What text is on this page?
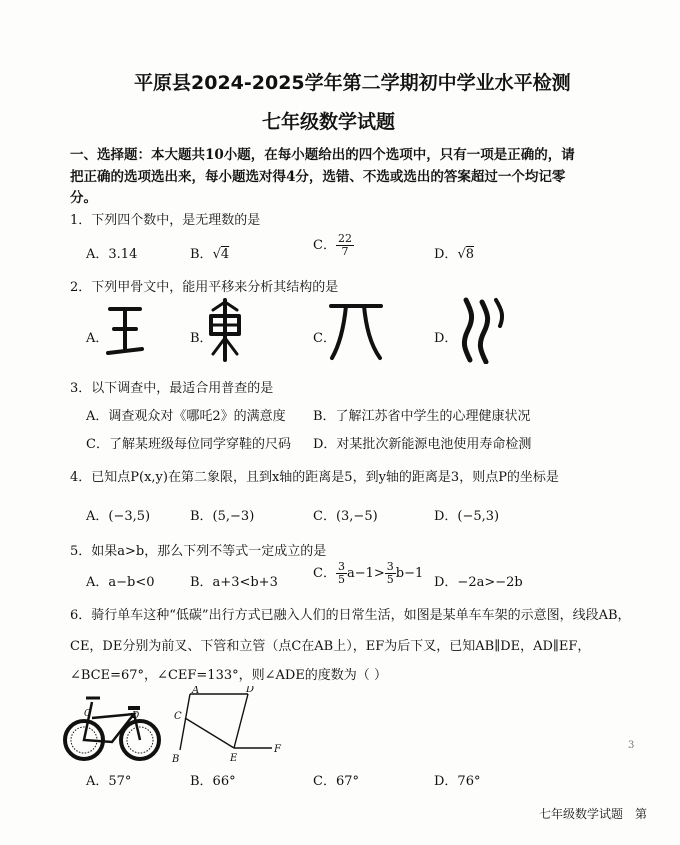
平原县2024-2025学年第二学期初中学业水平检测
七年级数学试题
一、选择题：本大题共10小题，在每小题给出的四个选项中，只有一项是正确的，请
把正确的选项选出来，每小题选对得4分，选错、不选或选出的答案超过一个均记零
分。
1．下列四个数中，是无理数的是
A．3.14	B．√4
C． $\frac{22}{7}$	D．√8
2．下列甲骨文中，能用平移来分析其结构的是
A．	B．	C．	D．
3．以下调查中，最适合用普查的是
A．调查观众对《哪吒2》的满意度 B．了解江苏省中学生的心理健康状况
C．了解某班级每位同学穿鞋的尺码 D．对某批次新能源电池使用寿命检测
4．已知点P(x,y)在第二象限，且到x轴的距离是5，到y轴的距离是3，则点P的坐标是
A．(−3,5)	B．(5,−3)	C．(3,−5)	D．(−5,3)
5．如果a>b，那么下列不等式一定成立的是
A．a−b<0	B．a+3<b+3
C． $\frac{3}{5} a-1> \frac{3}{5} b-1$
D．−2a>−2b
6．骑行单车这种“低碳”出行方式已融入人们的日常生活，如图是某单车车架的示意图，线段AB，
CE，DE分别为前叉、下管和立管（点C在AB上），EF为后下叉，已知AB∥DE，AD∥EF，
∠BCE=67°，∠CEF=133°，则∠ADE的度数为（ ）
C	D
A	D
C
B	E
F
A．57°	B．66°	C．67°	D．76°
3
七年级数学试题　第
